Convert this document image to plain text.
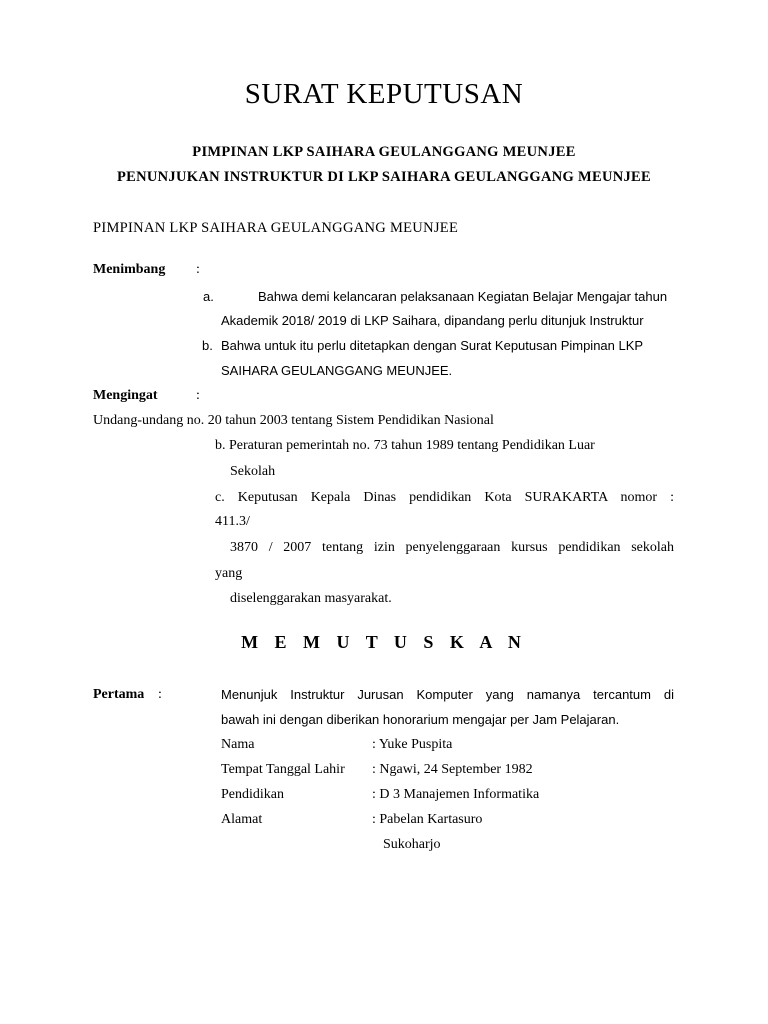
SURAT KEPUTUSAN
PIMPINAN LKP SAIHARA GEULANGGANG MEUNJEE
PENUNJUKAN INSTRUKTUR DI LKP SAIHARA GEULANGGANG MEUNJEE
PIMPINAN LKP SAIHARA GEULANGGANG MEUNJEE
Menimbang :
a.	Bahwa demi kelancaran pelaksanaan Kegiatan Belajar Mengajar tahun
Akademik 2018/ 2019 di LKP Saihara, dipandang perlu ditunjuk Instruktur
b. Bahwa untuk itu perlu ditetapkan dengan Surat Keputusan Pimpinan LKP
SAIHARA GEULANGGANG MEUNJEE.
Mengingat	:
Undang-undang no. 20 tahun 2003 tentang Sistem Pendidikan Nasional
b. Peraturan pemerintah no. 73 tahun 1989 tentang Pendidikan Luar
Sekolah
c. Keputusan Kepala Dinas pendidikan Kota SURAKARTA nomor :
411.3/
3870 / 2007 tentang izin penyelenggaraan kursus pendidikan sekolah
yang
diselenggarakan masyarakat.
M E M U T U S K A N
Pertama :	Menunjuk Instruktur Jurusan Komputer yang namanya tercantum di
bawah ini dengan diberikan honorarium mengajar per Jam Pelajaran.
Nama	: Yuke Puspita
Tempat Tanggal Lahir : Ngawi, 24 September 1982
Pendidikan	: D 3 Manajemen Informatika
Alamat	: Pabelan Kartasuro
Sukoharjo
